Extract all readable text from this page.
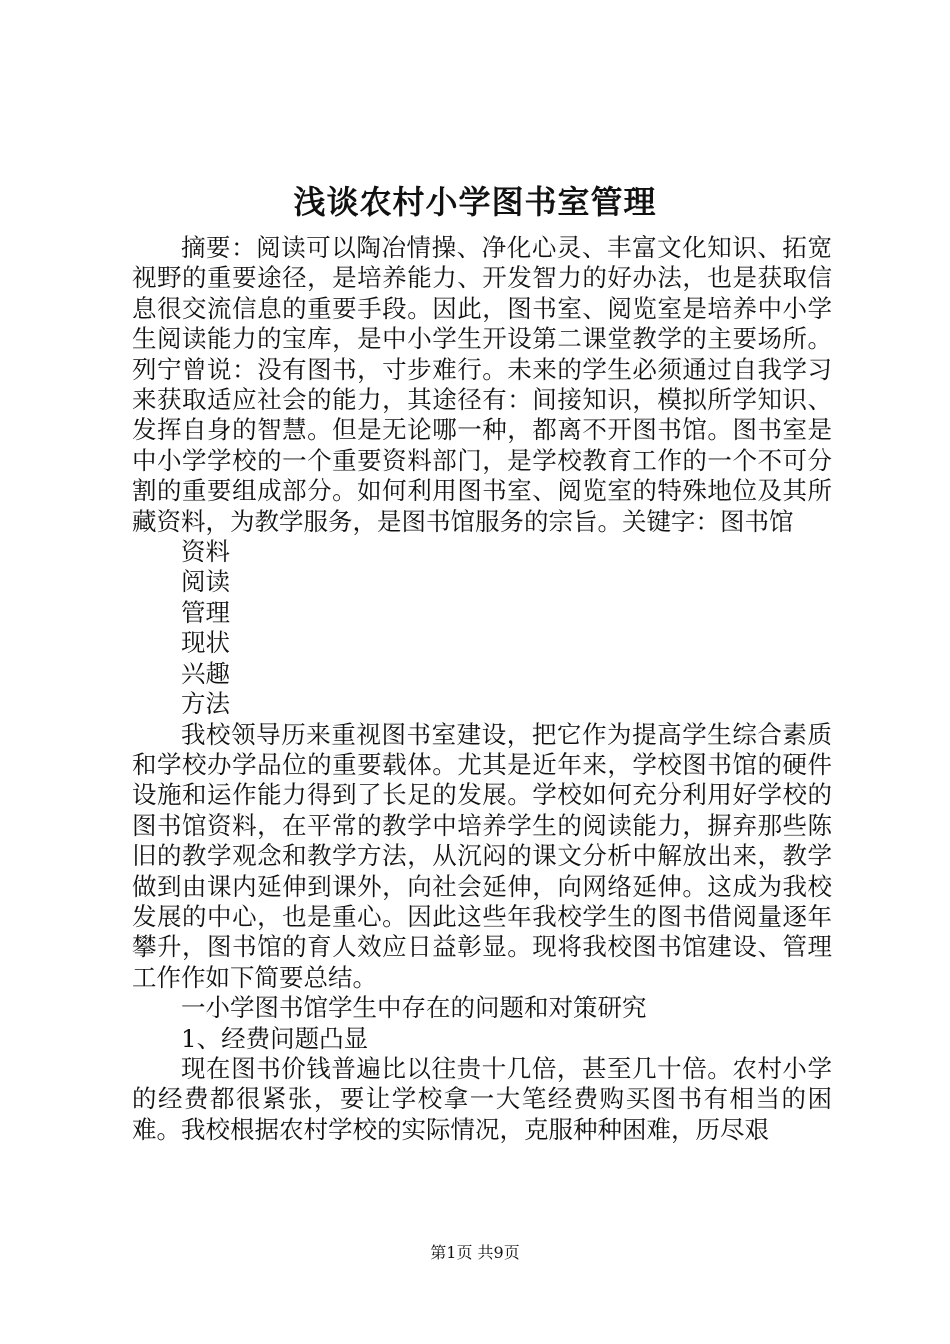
浅谈农村小学图书室管理

摘要：阅读可以陶冶情操、净化心灵、丰富文化知识、拓宽视野的重要途径，是培养能力、开发智力的好办法，也是获取信息很交流信息的重要手段。因此，图书室、阅览室是培养中小学生阅读能力的宝库，是中小学生开设第二课堂教学的主要场所。列宁曾说：没有图书，寸步难行。未来的学生必须通过自我学习来获取适应社会的能力，其途径有：间接知识，模拟所学知识、发挥自身的智慧。但是无论哪一种，都离不开图书馆。图书室是中小学学校的一个重要资料部门，是学校教育工作的一个不可分割的重要组成部分。如何利用图书室、阅览室的特殊地位及其所藏资料，为教学服务，是图书馆服务的宗旨。关键字：图书馆

资料
阅读
管理
现状
兴趣
方法

我校领导历来重视图书室建设，把它作为提高学生综合素质和学校办学品位的重要载体。尤其是近年来，学校图书馆的硬件设施和运作能力得到了长足的发展。学校如何充分利用好学校的图书馆资料，在平常的教学中培养学生的阅读能力，摒弃那些陈旧的教学观念和教学方法，从沉闷的课文分析中解放出来，教学做到由课内延伸到课外，向社会延伸，向网络延伸。这成为我校发展的中心，也是重心。因此这些年我校学生的图书借阅量逐年攀升，图书馆的育人效应日益彰显。现将我校图书馆建设、管理工作作如下简要总结。

一小学图书馆学生中存在的问题和对策研究

1、经费问题凸显

现在图书价钱普遍比以往贵十几倍，甚至几十倍。农村小学的经费都很紧张，要让学校拿一大笔经费购买图书有相当的困难。我校根据农村学校的实际情况，克服种种困难，历尽艰

第1页 共9页
